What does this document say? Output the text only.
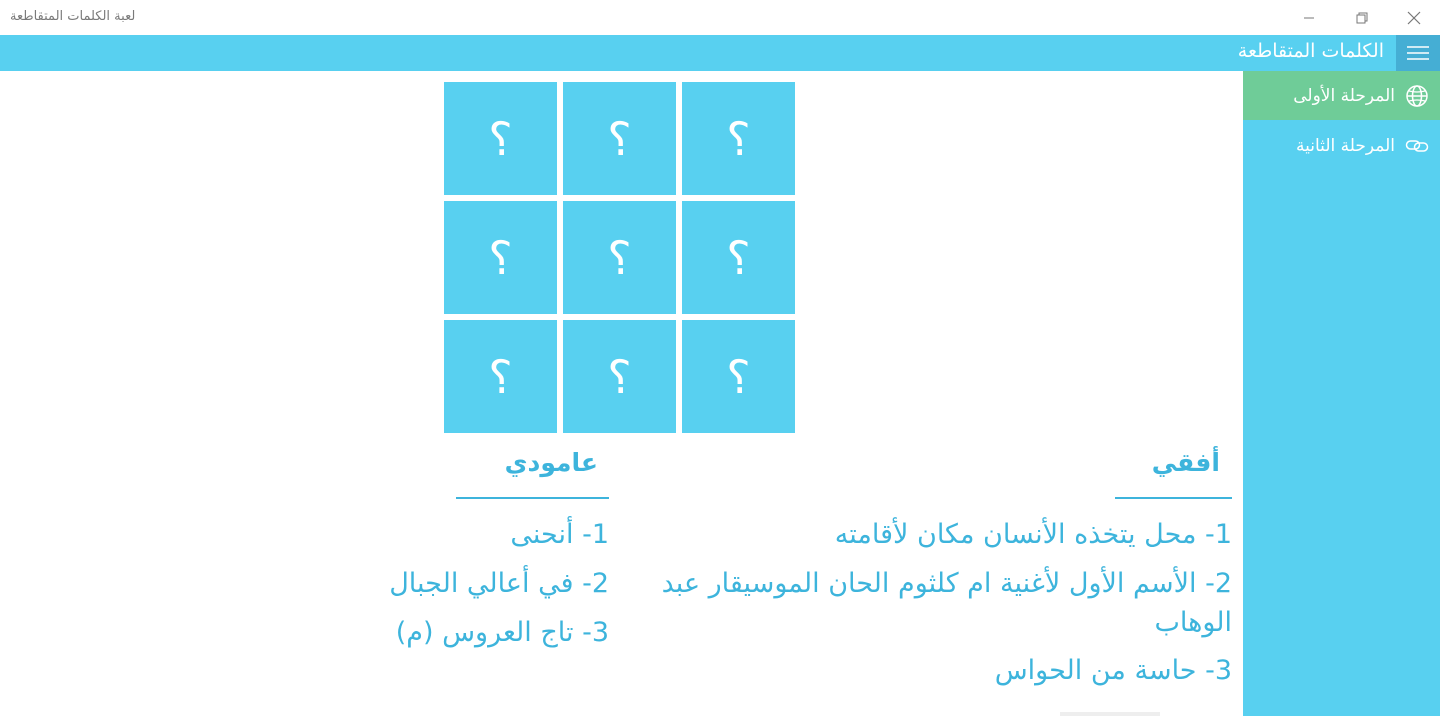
لعبة الكلمات المتقاطعة
الكلمات المتقاطعة
المرحلة الأولى
المرحلة الثانية
؟	؟	؟
؟	؟	؟
؟	؟	؟
أفقي
1- محل يتخذه الأنسان مكان لأقامته
2- الأسم الأول لأغنية ام كلثوم الحان الموسيقار عبد الوهاب
3- حاسة من الحواس
عامودي
1- أنحنى
2- في أعالي الجبال
3- تاج العروس (م)
